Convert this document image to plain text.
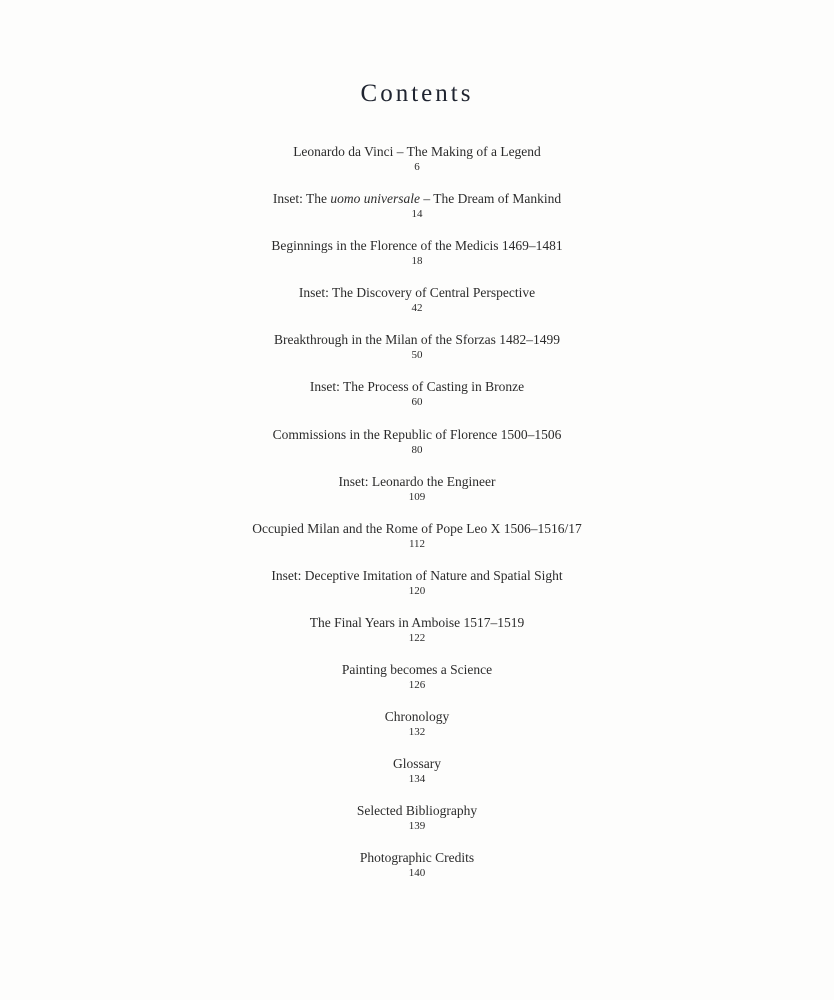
Contents
Leonardo da Vinci – The Making of a Legend
6
Inset: The uomo universale – The Dream of Mankind
14
Beginnings in the Florence of the Medicis 1469–1481
18
Inset: The Discovery of Central Perspective
42
Breakthrough in the Milan of the Sforzas 1482–1499
50
Inset: The Process of Casting in Bronze
60
Commissions in the Republic of Florence 1500–1506
80
Inset: Leonardo the Engineer
109
Occupied Milan and the Rome of Pope Leo X 1506–1516/17
112
Inset: Deceptive Imitation of Nature and Spatial Sight
120
The Final Years in Amboise 1517–1519
122
Painting becomes a Science
126
Chronology
132
Glossary
134
Selected Bibliography
139
Photographic Credits
140
